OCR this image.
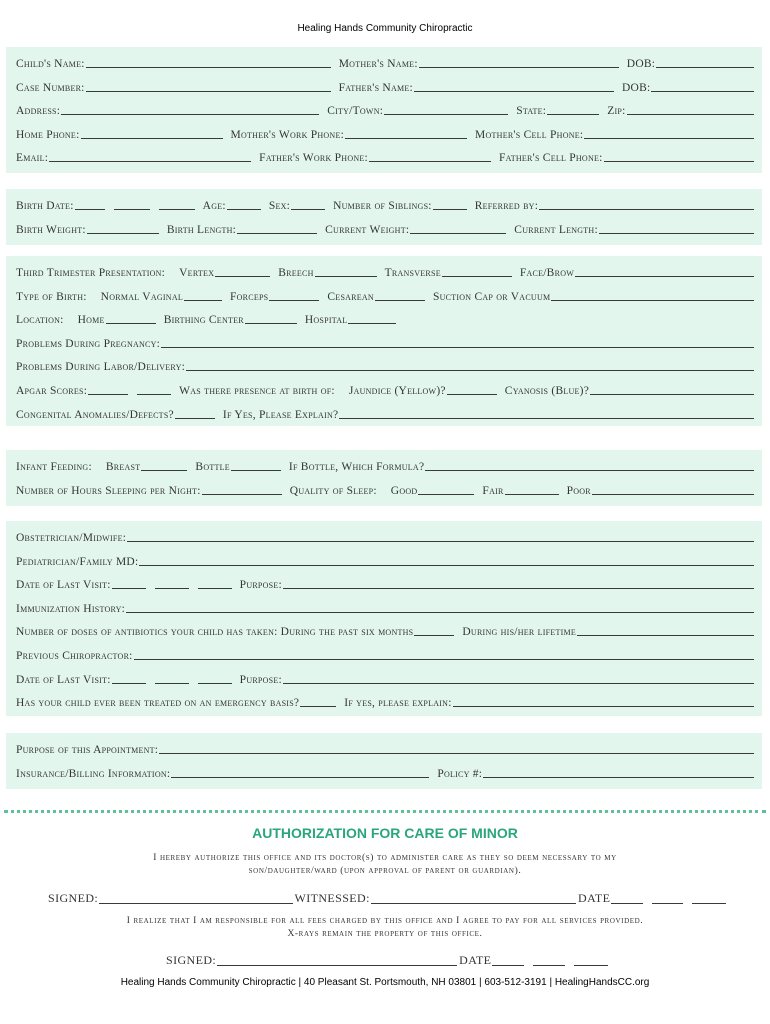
Healing Hands Community Chiropractic
Child's Name:	Mother's Name:	DOB:
Case Number:	Father's Name:	DOB:
Address:	City/Town:	State:	Zip:
Home Phone:	Mother's Work Phone:	Mother's Cell Phone:
Email:	Father's Work Phone:	Father's Cell Phone:
Birth Date:	Age:	Sex:	Number of Siblings:	Referred by:
Birth Weight:	Birth Length:	Current Weight:	Current Length:
Third Trimester Presentation: Vertex	Breech	Transverse	Face/Brow
Type of Birth: Normal Vaginal	Forceps	Cesarean	Suction Cap or Vacuum
Location: Home	Birthing Center	Hospital
Problems During Pregnancy:
Problems During Labor/Delivery:
Apgar Scores:	Was there presence at birth of: Jaundice (Yellow)?	Cyanosis (Blue)?
Congenital Anomalies/Defects?	If Yes, Please Explain?
Infant Feeding: Breast	Bottle	If Bottle, Which Formula?
Number of Hours Sleeping per Night:	Quality of Sleep: Good	Fair	Poor
Obstetrician/Midwife:
Pediatrician/Family MD:
Date of Last Visit:	Purpose:
Immunization History:
Number of doses of antibiotics your child has taken: During the past six months	During his/her lifetime
Previous Chiropractor:
Date of Last Visit:	Purpose:
Has your child ever been treated on an emergency basis?	If yes, please explain:
Purpose of this Appointment:
Insurance/Billing Information:	Policy #:
AUTHORIZATION FOR CARE OF MINOR
I hereby authorize this office and its doctor(s) to administer care as they so deem necessary to my
son/daughter/ward (upon approval of parent or guardian).
SIGNED:	WITNESSED:	DATE
I realize that I am responsible for all fees charged by this office and I agree to pay for all services provided.
X-rays remain the property of this office.
SIGNED:	DATE
Healing Hands Community Chiropractic | 40 Pleasant St. Portsmouth, NH 03801 | 603-512-3191 | HealingHandsCC.org
